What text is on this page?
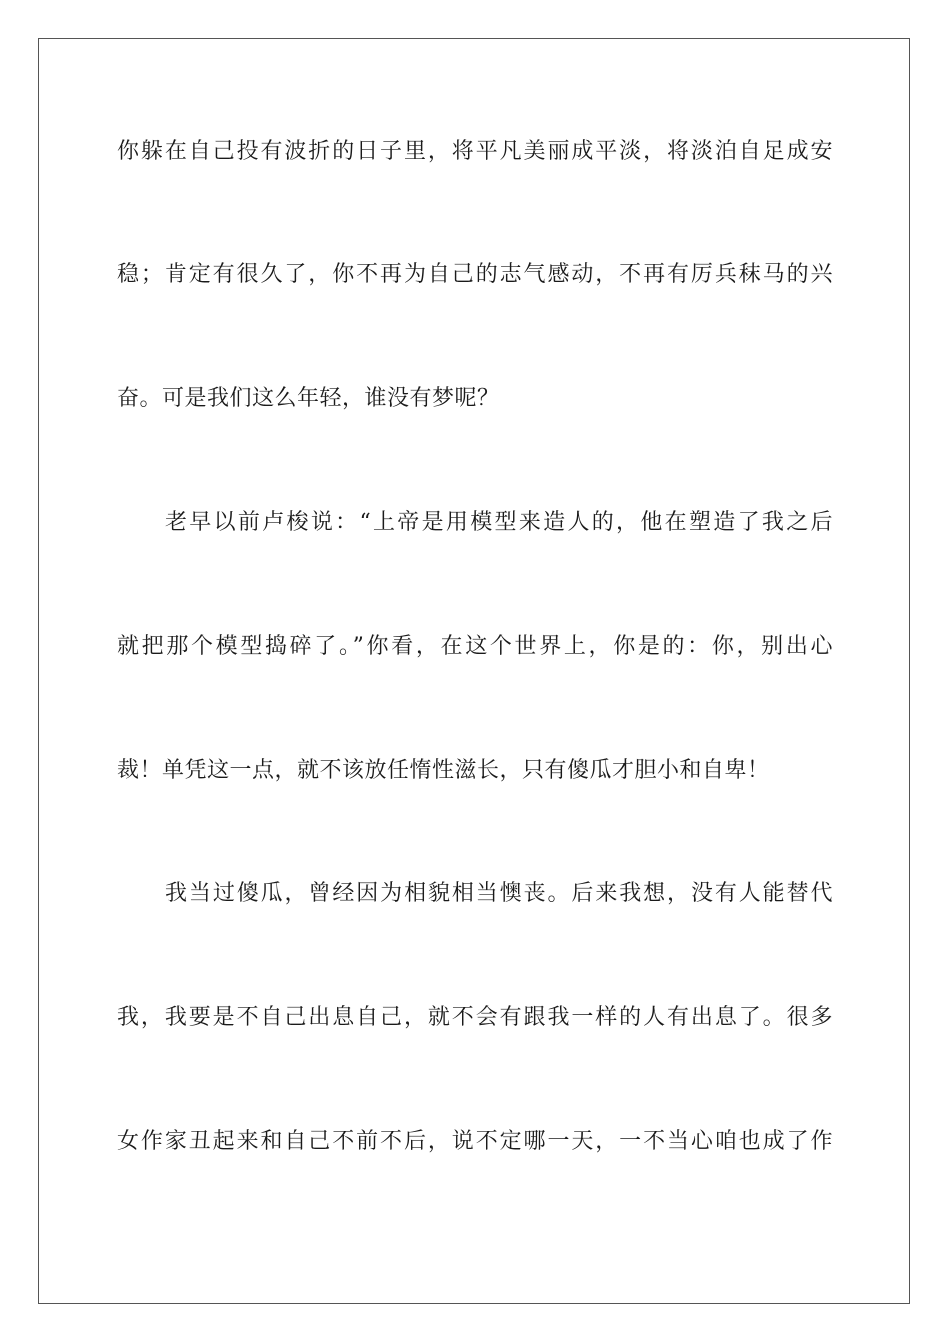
你躲在自己投有波折的日子里，将平凡美丽成平淡，将淡泊自足成安
稳；肯定有很久了，你不再为自己的志气感动，不再有厉兵秣马的兴
奋。可是我们这么年轻，谁没有梦呢？
老早以前卢梭说：“上帝是用模型来造人的，他在塑造了我之后
就把那个模型捣碎了。”你看，在这个世界上，你是的：你，别出心
裁！单凭这一点，就不该放任惰性滋长，只有傻瓜才胆小和自卑！
我当过傻瓜，曾经因为相貌相当懊丧。后来我想，没有人能替代
我，我要是不自己出息自己，就不会有跟我一样的人有出息了。很多
女作家丑起来和自己不前不后，说不定哪一天，一不当心咱也成了作
